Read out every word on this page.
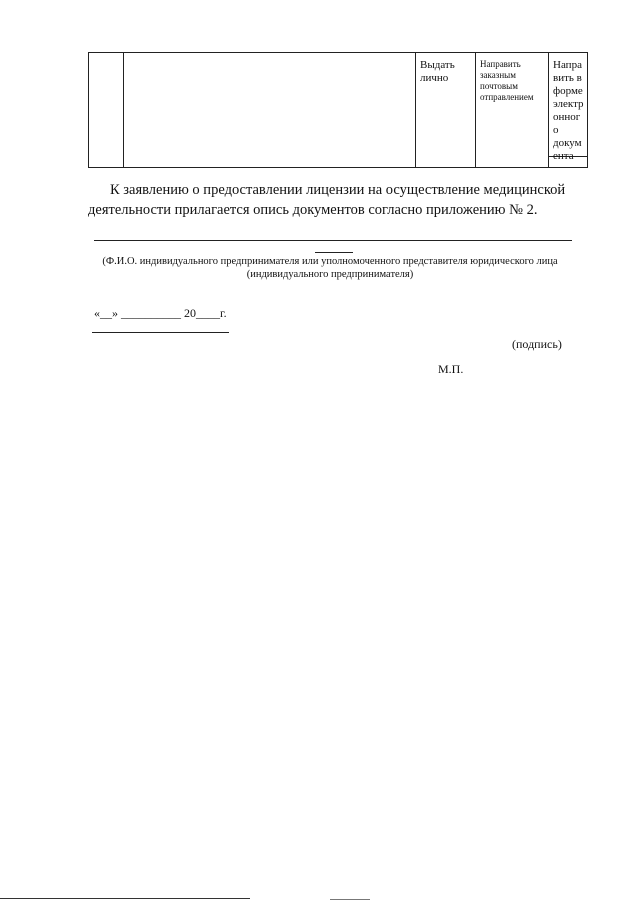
Выдать лично
Направить
заказным
почтовым
отправлением
Напра
вить в
форме
электр
онног
о
докум
ента
К заявлению о предоставлении лицензии на осуществление медицинской деятельности прилагается опись документов согласно приложению № 2.
(Ф.И.О. индивидуального предпринимателя или уполномоченного представителя юридического лица
(индивидуального предпринимателя)
«__» __________ 20____г.
(подпись)
М.П.
